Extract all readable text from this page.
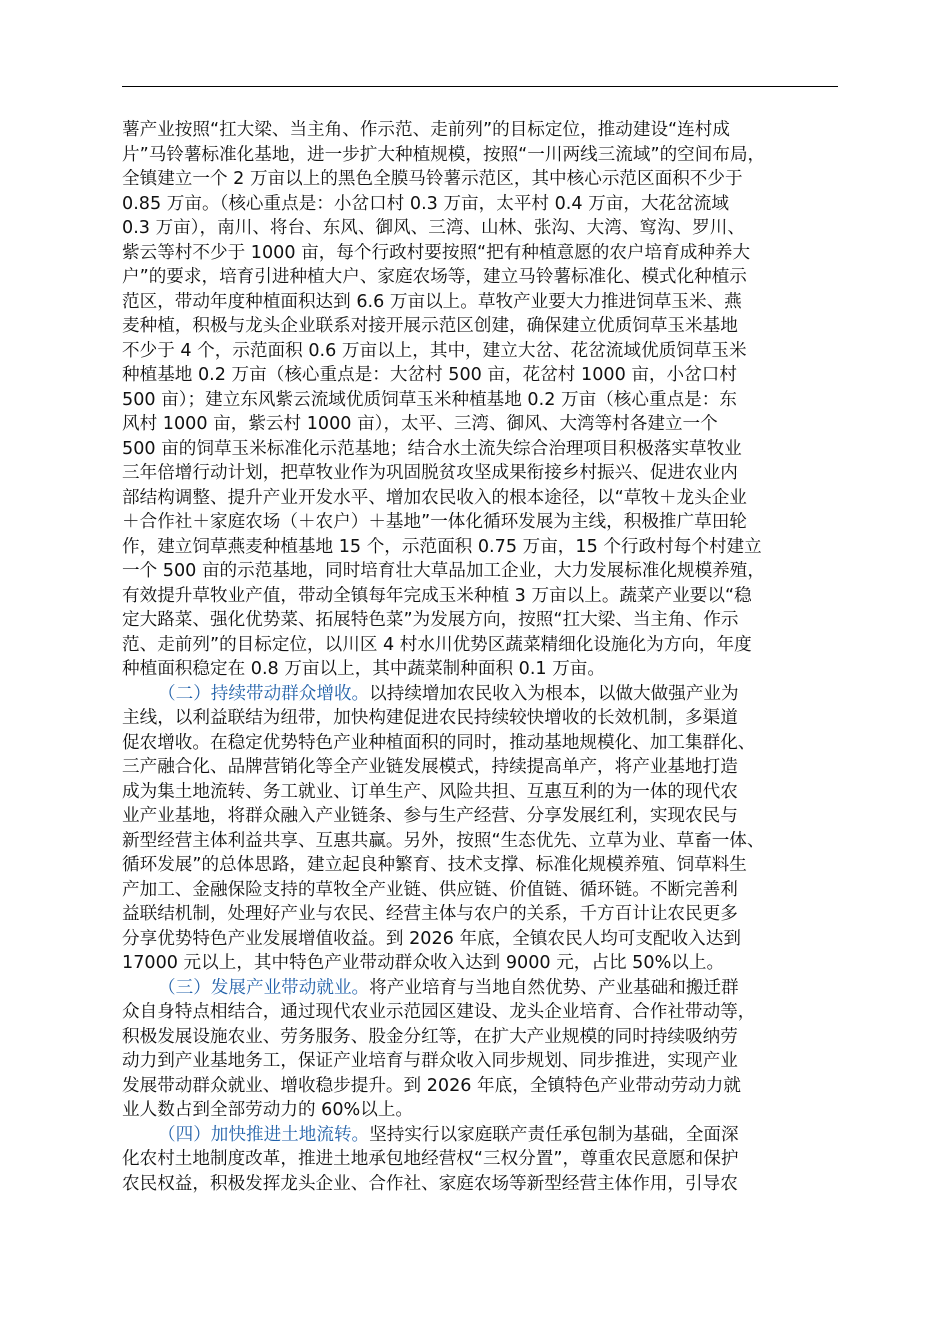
薯产业按照“扛大梁、当主角、作示范、走前列”的目标定位，推动建设“连村成
片”马铃薯标准化基地，进一步扩大种植规模，按照“一川两线三流域”的空间布局，
全镇建立一个 2 万亩以上的黑色全膜马铃薯示范区，其中核心示范区面积不少于
0.85 万亩。（核心重点是：小岔口村 0.3 万亩，太平村 0.4 万亩，大花岔流域
0.3 万亩），南川、将台、东风、御风、三湾、山林、张沟、大湾、窎沟、罗川、
紫云等村不少于 1000 亩，每个行政村要按照“把有种植意愿的农户培育成种养大
户”的要求，培育引进种植大户、家庭农场等，建立马铃薯标准化、模式化种植示
范区，带动年度种植面积达到 6.6 万亩以上。草牧产业要大力推进饲草玉米、燕
麦种植，积极与龙头企业联系对接开展示范区创建，确保建立优质饲草玉米基地
不少于 4 个，示范面积 0.6 万亩以上，其中，建立大岔、花岔流域优质饲草玉米
种植基地 0.2 万亩（核心重点是：大岔村 500 亩，花岔村 1000 亩，小岔口村
500 亩）；建立东风紫云流域优质饲草玉米种植基地 0.2 万亩（核心重点是：东
风村 1000 亩，紫云村 1000 亩），太平、三湾、御风、大湾等村各建立一个
500 亩的饲草玉米标准化示范基地；结合水土流失综合治理项目积极落实草牧业
三年倍增行动计划，把草牧业作为巩固脱贫攻坚成果衔接乡村振兴、促进农业内
部结构调整、提升产业开发水平、增加农民收入的根本途径，以“草牧＋龙头企业
＋合作社＋家庭农场（＋农户）＋基地”一体化循环发展为主线，积极推广草田轮
作，建立饲草燕麦种植基地 15 个，示范面积 0.75 万亩，15 个行政村每个村建立
一个 500 亩的示范基地，同时培育壮大草品加工企业，大力发展标准化规模养殖，
有效提升草牧业产值，带动全镇每年完成玉米种植 3 万亩以上。蔬菜产业要以“稳
定大路菜、强化优势菜、拓展特色菜”为发展方向，按照“扛大梁、当主角、作示
范、走前列”的目标定位，以川区 4 村水川优势区蔬菜精细化设施化为方向，年度
种植面积稳定在 0.8 万亩以上，其中蔬菜制种面积 0.1 万亩。

（二）持续带动群众增收。以持续增加农民收入为根本，以做大做强产业为
主线，以利益联结为纽带，加快构建促进农民持续较快增收的长效机制，多渠道
促农增收。在稳定优势特色产业种植面积的同时，推动基地规模化、加工集群化、
三产融合化、品牌营销化等全产业链发展模式，持续提高单产，将产业基地打造
成为集土地流转、务工就业、订单生产、风险共担、互惠互利的为一体的现代农
业产业基地，将群众融入产业链条、参与生产经营、分享发展红利，实现农民与
新型经营主体利益共享、互惠共赢。另外，按照“生态优先、立草为业、草畜一体、
循环发展”的总体思路，建立起良种繁育、技术支撑、标准化规模养殖、饲草料生
产加工、金融保险支持的草牧全产业链、供应链、价值链、循环链。不断完善利
益联结机制，处理好产业与农民、经营主体与农户的关系，千方百计让农民更多
分享优势特色产业发展增值收益。到 2026 年底，全镇农民人均可支配收入达到
17000 元以上，其中特色产业带动群众收入达到 9000 元，占比 50%以上。

（三）发展产业带动就业。将产业培育与当地自然优势、产业基础和搬迁群
众自身特点相结合，通过现代农业示范园区建设、龙头企业培育、合作社带动等，
积极发展设施农业、劳务服务、股金分红等，在扩大产业规模的同时持续吸纳劳
动力到产业基地务工，保证产业培育与群众收入同步规划、同步推进，实现产业
发展带动群众就业、增收稳步提升。到 2026 年底，全镇特色产业带动劳动力就
业人数占到全部劳动力的 60%以上。

（四）加快推进土地流转。坚持实行以家庭联产责任承包制为基础，全面深
化农村土地制度改革，推进土地承包地经营权“三权分置”，尊重农民意愿和保护
农民权益，积极发挥龙头企业、合作社、家庭农场等新型经营主体作用，引导农
